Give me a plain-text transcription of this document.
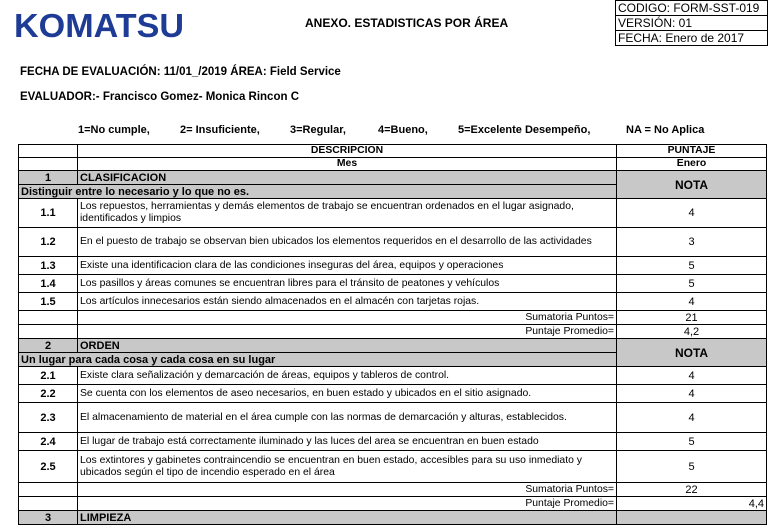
KOMATSU	ANEXO. ESTADISTICAS POR ÁREA
CODIGO: FORM-SST-019
VERSIÓN: 01
FECHA: Enero de 2017
FECHA DE EVALUACIÓN: 11/01_/2019 ÁREA: Field Service
EVALUADOR:- Francisco Gomez- Monica Rincon C
1=No cumple,	2= Insuficiente,	3=Regular,	4=Bueno,	5=Excelente Desempeño,	NA = No Aplica
	DESCRIPCION	PUNTAJE
	Mes	Enero
1	CLASIFICACION	NOTA
Distinguir entre lo necesario y lo que no es.		
1.1	Los repuestos, herramientas y demás elementos de trabajo se encuentran ordenados en el lugar asignado, identificados y limpios	4
1.2	En el puesto de trabajo se observan bien ubicados los elementos requeridos en el desarrollo de las actividades	3
1.3	Existe una identificacion clara de las condiciones inseguras del área, equipos y operaciones	5
1.4	Los pasillos y áreas comunes se encuentran libres para el tránsito de peatones y vehículos	5
1.5	Los artículos innecesarios están siendo almacenados en el almacén con tarjetas rojas.	4
	Sumatoria Puntos=	21
	Puntaje Promedio=	4,2
2	ORDEN	NOTA
Un lugar para cada cosa y cada cosa en su lugar		
2.1	Existe clara señalización y demarcación de áreas, equipos y tableros de control.	4
2.2	Se cuenta con los elementos de aseo necesarios, en buen estado y ubicados en el sitio asignado.	4
2.3	El almacenamiento de material en el área cumple con las normas de demarcación y alturas, establecidos.	4
2.4	El lugar de trabajo está correctamente iluminado y las luces del area se encuentran en buen estado	5
2.5	Los extintores y gabinetes contraincendio se encuentran en buen estado, accesibles para su uso inmediato y ubicados según el tipo de incendio esperado en el área	5
	Sumatoria Puntos=	22
	Puntaje Promedio=	4,4
3	LIMPIEZA	
